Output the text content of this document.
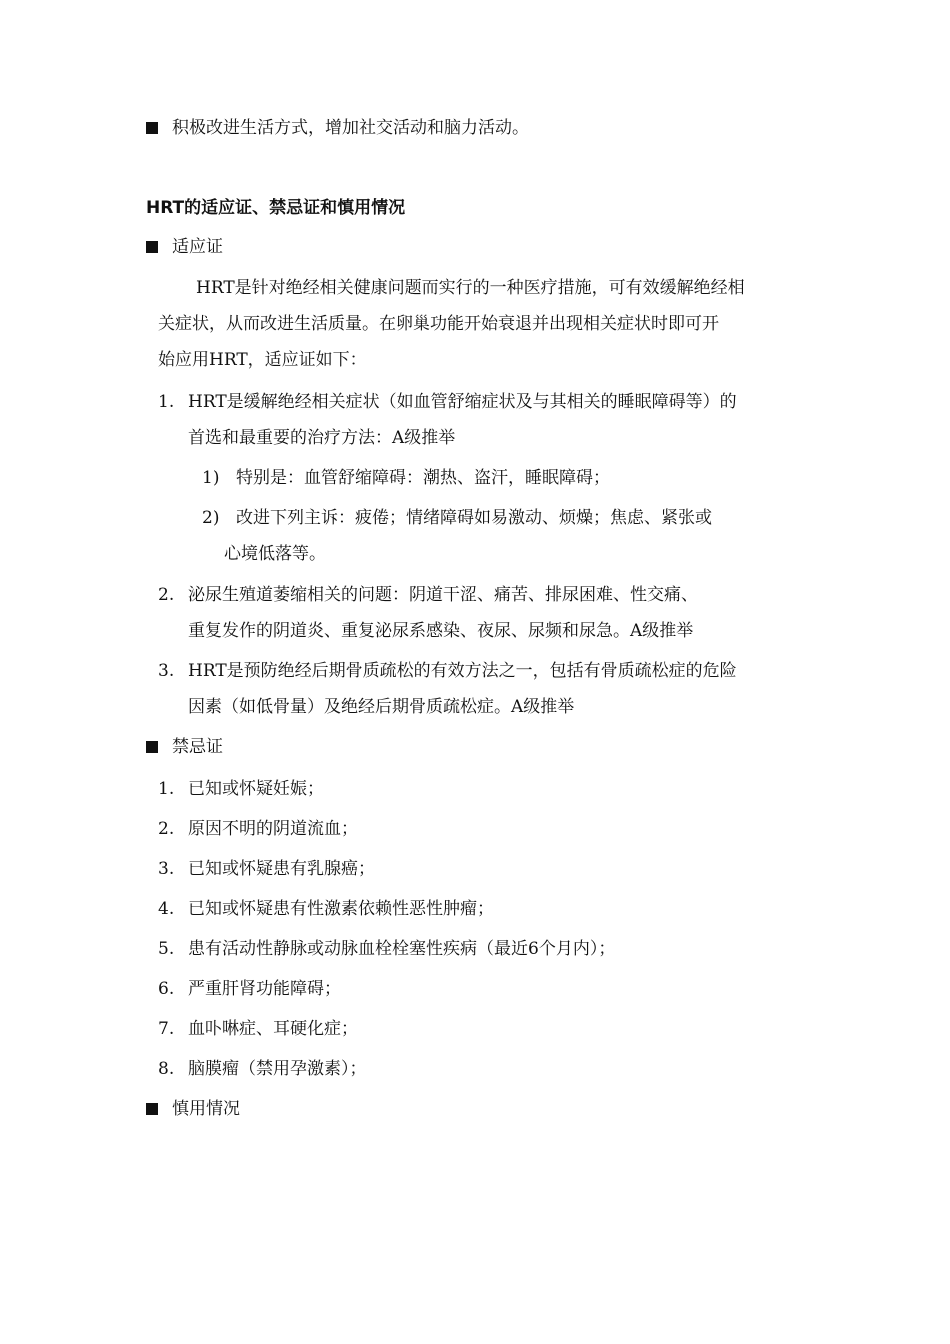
积极改进生活方式，增加社交活动和脑力活动。
HRT的适应证、禁忌证和慎用情况
适应证
HRT是针对绝经相关健康问题而实行的一种医疗措施，可有效缓解绝经相
关症状，从而改进生活质量。在卵巢功能开始衰退并出现相关症状时即可开
始应用HRT，适应证如下：
1. HRT是缓解绝经相关症状（如血管舒缩症状及与其相关的睡眠障碍等）的
首选和最重要的治疗方法：A级推举
1) 特别是：血管舒缩障碍：潮热、盗汗，睡眠障碍；
2) 改进下列主诉：疲倦；情绪障碍如易激动、烦燥；焦虑、紧张或
心境低落等。
2. 泌尿生殖道萎缩相关的问题：阴道干涩、痛苦、排尿困难、性交痛、
重复发作的阴道炎、重复泌尿系感染、夜尿、尿频和尿急。A级推举
3. HRT是预防绝经后期骨质疏松的有效方法之一，包括有骨质疏松症的危险
因素（如低骨量）及绝经后期骨质疏松症。A级推举
禁忌证
1. 已知或怀疑妊娠；
2. 原因不明的阴道流血；
3. 已知或怀疑患有乳腺癌；
4. 已知或怀疑患有性激素依赖性恶性肿瘤；
5. 患有活动性静脉或动脉血栓栓塞性疾病（最近6个月内）；
6. 严重肝肾功能障碍；
7. 血卟啉症、耳硬化症；
8. 脑膜瘤（禁用孕激素）；
慎用情况
